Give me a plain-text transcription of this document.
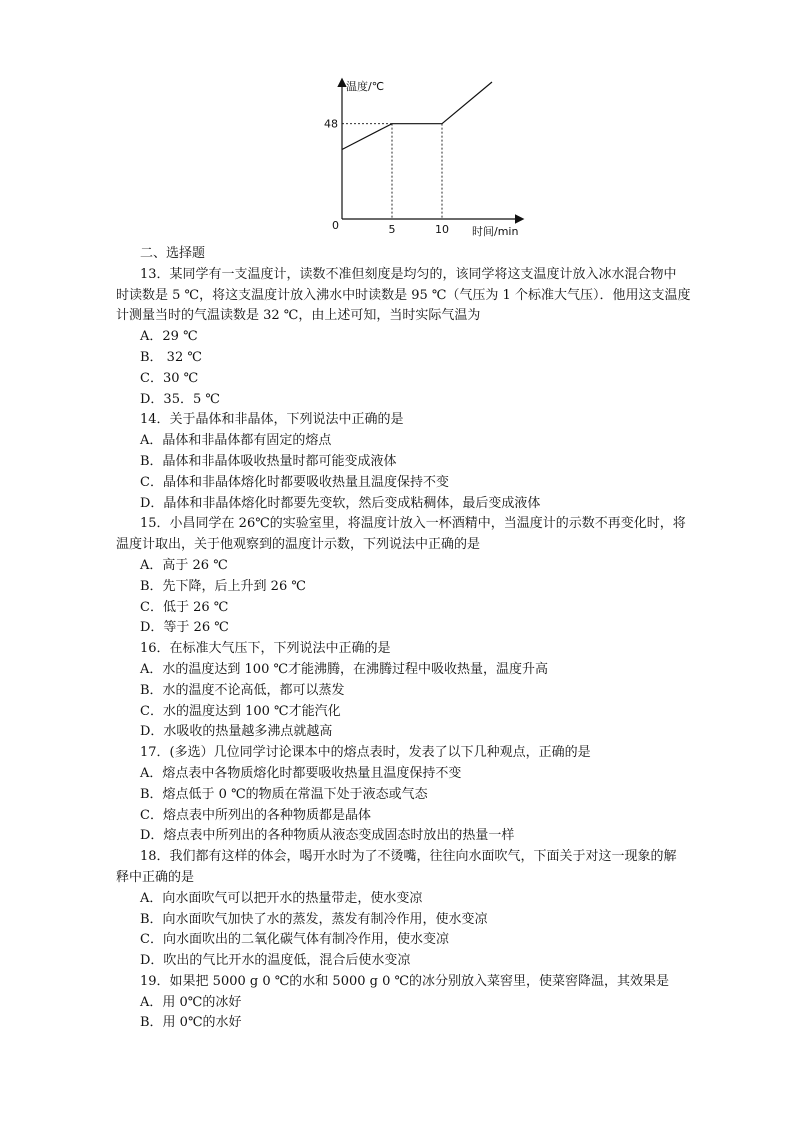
温度/℃
时间/min
0
48
5	10
二、选择题
13．某同学有一支温度计，读数不准但刻度是均匀的，该同学将这支温度计放入冰水混合物中
时读数是 5 ℃，将这支温度计放入沸水中时读数是 95 ℃（气压为 1 个标准大气压）．他用这支温度
计测量当时的气温读数是 32 ℃，由上述可知，当时实际气温为
A．29 ℃
B． 32 ℃
C．30 ℃
D．35．5 ℃
14．关于晶体和非晶体，下列说法中正确的是
A．晶体和非晶体都有固定的熔点
B．晶体和非晶体吸收热量时都可能变成液体
C．晶体和非晶体熔化时都要吸收热量且温度保持不变
D．晶体和非晶体熔化时都要先变软，然后变成粘稠体，最后变成液体
15．小昌同学在 26℃的实验室里，将温度计放入一杯酒精中，当温度计的示数不再变化时，将
温度计取出，关于他观察到的温度计示数，下列说法中正确的是
A．高于 26 ℃
B．先下降，后上升到 26 ℃
C．低于 26 ℃
D．等于 26 ℃
16．在标准大气压下，下列说法中正确的是
A．水的温度达到 100 ℃才能沸腾，在沸腾过程中吸收热量，温度升高
B．水的温度不论高低，都可以蒸发
C．水的温度达到 100 ℃才能汽化
D．水吸收的热量越多沸点就越高
17．(多选）几位同学讨论课本中的熔点表时，发表了以下几种观点，正确的是
A．熔点表中各物质熔化时都要吸收热量且温度保持不变
B．熔点低于 0 ℃的物质在常温下处于液态或气态
C．熔点表中所列出的各种物质都是晶体
D．熔点表中所列出的各种物质从液态变成固态时放出的热量一样
18．我们都有这样的体会，喝开水时为了不烫嘴，往往向水面吹气，下面关于对这一现象的解
释中正确的是
A．向水面吹气可以把开水的热量带走，使水变凉
B．向水面吹气加快了水的蒸发，蒸发有制冷作用，使水变凉
C．向水面吹出的二氧化碳气体有制冷作用，使水变凉
D．吹出的气比开水的温度低，混合后使水变凉
19．如果把 5000 g 0 ℃的水和 5000 g 0 ℃的冰分别放入菜窖里，使菜窖降温，其效果是
A．用 0℃的冰好
B．用 0℃的水好
